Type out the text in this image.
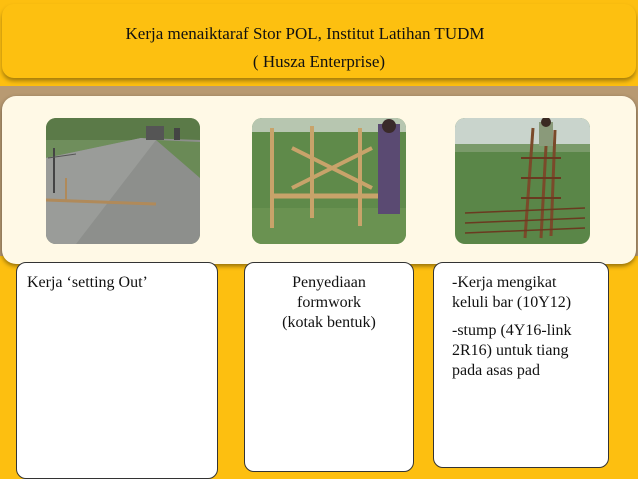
Kerja menaiktaraf Stor POL, Institut Latihan TUDM
( Husza Enterprise)
Kerja ‘setting Out’	Penyediaan
formwork
(kotak bentuk)

-Kerja mengikat keluli bar (10Y12)

-stump (4Y16-link 2R16) untuk tiang pada asas pad
